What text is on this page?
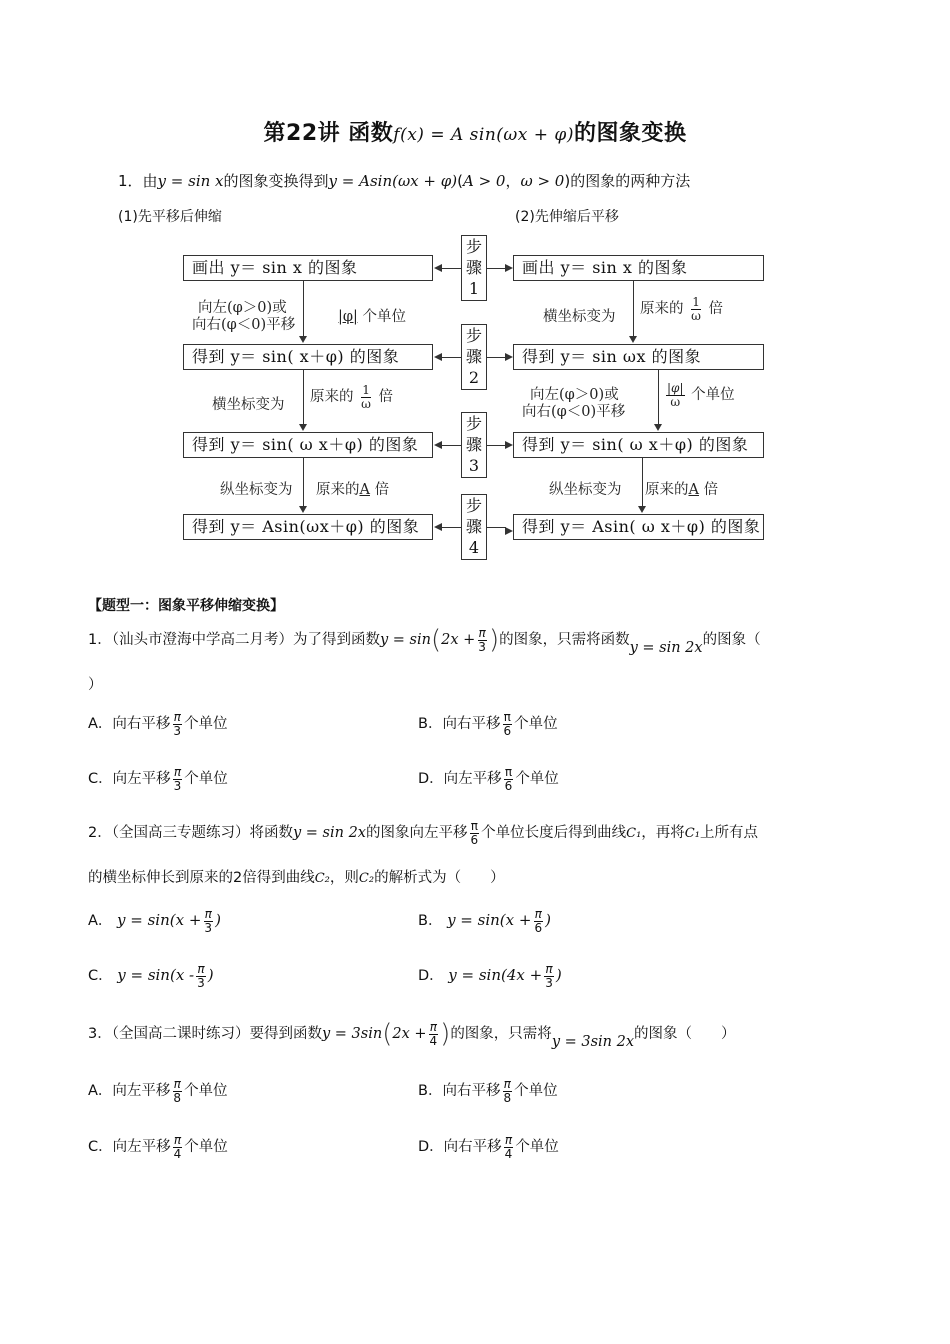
第22讲 函数f(x) = A sin(ωx + φ)的图象变换
1．由y = sin x的图象变换得到y = Asin(ωx + φ)(A > 0，ω > 0)的图象的两种方法
(1)先平移后伸缩	(2)先伸缩后平移
画出 y＝ sin x 的图象
得到 y＝ sin( x＋φ) 的图象
得到 y＝ sin( ω x＋φ) 的图象
得到 y＝ Asin(ωx＋φ) 的图象
画出 y＝ sin x 的图象
得到 y＝ sin ωx 的图象
得到 y＝ sin( ω x＋φ) 的图象
得到 y＝ Asin( ω x＋φ) 的图象
步
骤
1
步
骤
2
步
骤
3
步
骤
4
向左(φ＞0)或
向右(φ＜0)平移	|φ| 个单位
横坐标变为 原来的 $\frac{1}{\omega}$ 倍
纵坐标变为 原来的A 倍
横坐标变为 原来的 $\frac{1}{\omega}$ 倍
向左(φ＞0)或
向右(φ＜0)平移
$\frac{|\varphi|}{\omega}$ 个单位
纵坐标变为 原来的A 倍
【题型一：图象平移伸缩变换】
1．（汕头市澄海中学高二月考）为了得到函数$y = \sin(2x + \frac{\pi}{3}$ )的图象，只需将函数y = sin 2x的图象（
）
A．向右平移 $\frac{\pi}{3}$ 个单位	B．向右平移 $\frac{\pi}{6}$ 个单位
C．向左平移 $\frac{\pi}{3}$ 个单位	D．向左平移 $\frac{\pi}{6}$ 个单位
2．（全国高三专题练习）将函数y = sin 2x的图象向左平移 $\frac{\pi}{6}$ 个单位长度后得到曲线C₁，再将C₁上所有点
的横坐标伸长到原来的2倍得到曲线C₂，则C₂的解析式为（　　）
A． $y = \sin(x + \frac{\pi}{3}$ )	B． $y = \sin(x + \frac{\pi}{6}$ )
C． $y = \sin(x - \frac{\pi}{3}$ )	D． $y = \sin(4x + \frac{\pi}{3}$ )
3．（全国高二课时练习）要得到函数$y = 3\sin(2x + \frac{\pi}{4}$ )的图象，只需将y = 3sin 2x的图象（　　）
A．向左平移 $\frac{\pi}{8}$ 个单位	B．向右平移 $\frac{\pi}{8}$ 个单位
C．向左平移 $\frac{\pi}{4}$ 个单位	D．向右平移 $\frac{\pi}{4}$ 个单位
